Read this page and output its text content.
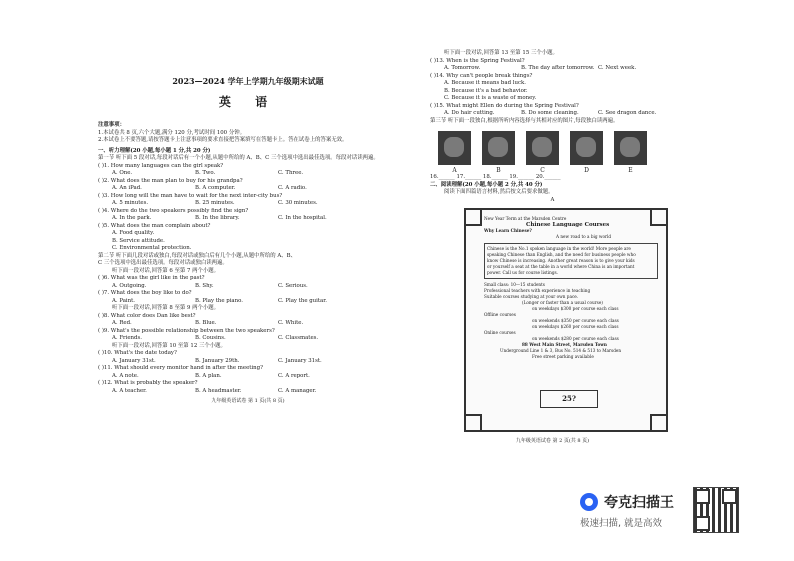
2023—2024 学年上学期九年级期末试题
英 语
注意事项：
1.本试卷共 8 页,六个大题,满分 120 分,考试时间 100 分钟。
2.本试卷上不要答题,请按答题卡上注意事项的要求直接把答案填写在答题卡上。答在试卷上的答案无效。
一、听力理解(20 小题,每小题 1 分,共 20 分)
第一节 听下面 5 段对话,每段对话后有一个小题,从题中所给的 A、B、C 三个选项中选出最佳选项。每段对话读两遍。
( )1. How many languages can the girl speak?
A. One.	B. Two.	C. Three.
( )2. What does the man plan to buy for his grandpa?
A. An iPad.	B. A computer.	C. A radio.
( )3. How long will the man have to wait for the next inter-city bus?
A. 5 minutes.	B. 25 minutes.	C. 30 minutes.
( )4. Where do the two speakers possibly find the sign?
A. In the park.	B. In the library.	C. In the hospital.
( )5. What does the man complain about?
A. Food quality.
B. Service attitude.
C. Environmental protection.
第二节 听下面几段对话或独白,每段对话或独白后有几个小题,从题中所给的 A、B、
C 三个选项中选出最佳选项。每段对话或独白读两遍。
听下面一段对话,回答第 6 至第 7 两个小题。
( )6. What was the girl like in the past?
A. Outgoing.	B. Shy.	C. Serious.
( )7. What does the boy like to do?
A. Paint.	B. Play the piano.	C. Play the guitar.
听下面一段对话,回答第 8 至第 9 两个小题。
( )8. What color does Dan like best?
A. Red.	B. Blue.	C. White.
( )9. What's the possible relationship between the two speakers?
A. Friends.	B. Cousins.	C. Classmates.
听下面一段对话,回答第 10 至第 12 三个小题。
( )10. What's the date today?
A. January 31st.	B. January 29th.	C. January 31st.
( )11. What should every monitor hand in after the meeting?
A. A note.	B. A plan.	C. A report.
( )12. What is probably the speaker?
A. A teacher.	B. A headmaster.	C. A manager.
九年级英语试卷 第 1 页(共 8 页)
听下面一段对话,回答第 13 至第 15 三个小题。
( )13. When is the Spring Festival?
A. Tomorrow.	B. The day after tomorrow. C. Next week.
( )14. Why can't people break things?
A. Because it means bad luck.
B. Because it's a bad behavior.
C. Because it is a waste of money.
( )15. What might Ellen do during the Spring Festival?
A. Do hair cutting.	B. Do some cleaning.	C. See dragon dance.
第三节 听下面一段独白,根据所听内容选择与其相对应的图片,每段独白读两遍。
A	B	C	D	E
16.______ 17.______ 18.______ 19.______ 20.______
二、阅读理解(20 小题,每小题 2 分,共 40 分)
阅读下面四篇语言材料,然后按文后要求做题。
A
New Year Term at the Marsden Centre
Chinese Language Courses
Why Learn Chinese?
A new road to a big world
Chinese is the No.1 spoken language in the world! More people are
speaking Chinese than English, and the need for business people who
know Chinese is increasing. Another great reason is to give your kids
or yourself a seat at the table in a world where China is an important
power. Call us for course listings.
Small class: 10—15 students
Professional teachers with experience in teaching
Suitable courses studying at your own pace.
(Longer or faster than a usual course)
on weekdays $300 per course each class
Offline courses
on weekends $350 per course each class
on weekdays $260 per course each class
Online courses
on weekends $280 per course each class
88 West Main Street, Marsden Town
Underground Line 1 & 3, Bus No. 514 & 513 to Marsden
Free street parking available
25?
九年级英语试卷 第 2 页(共 8 页)
夸克扫描王
极速扫描, 就是高效
